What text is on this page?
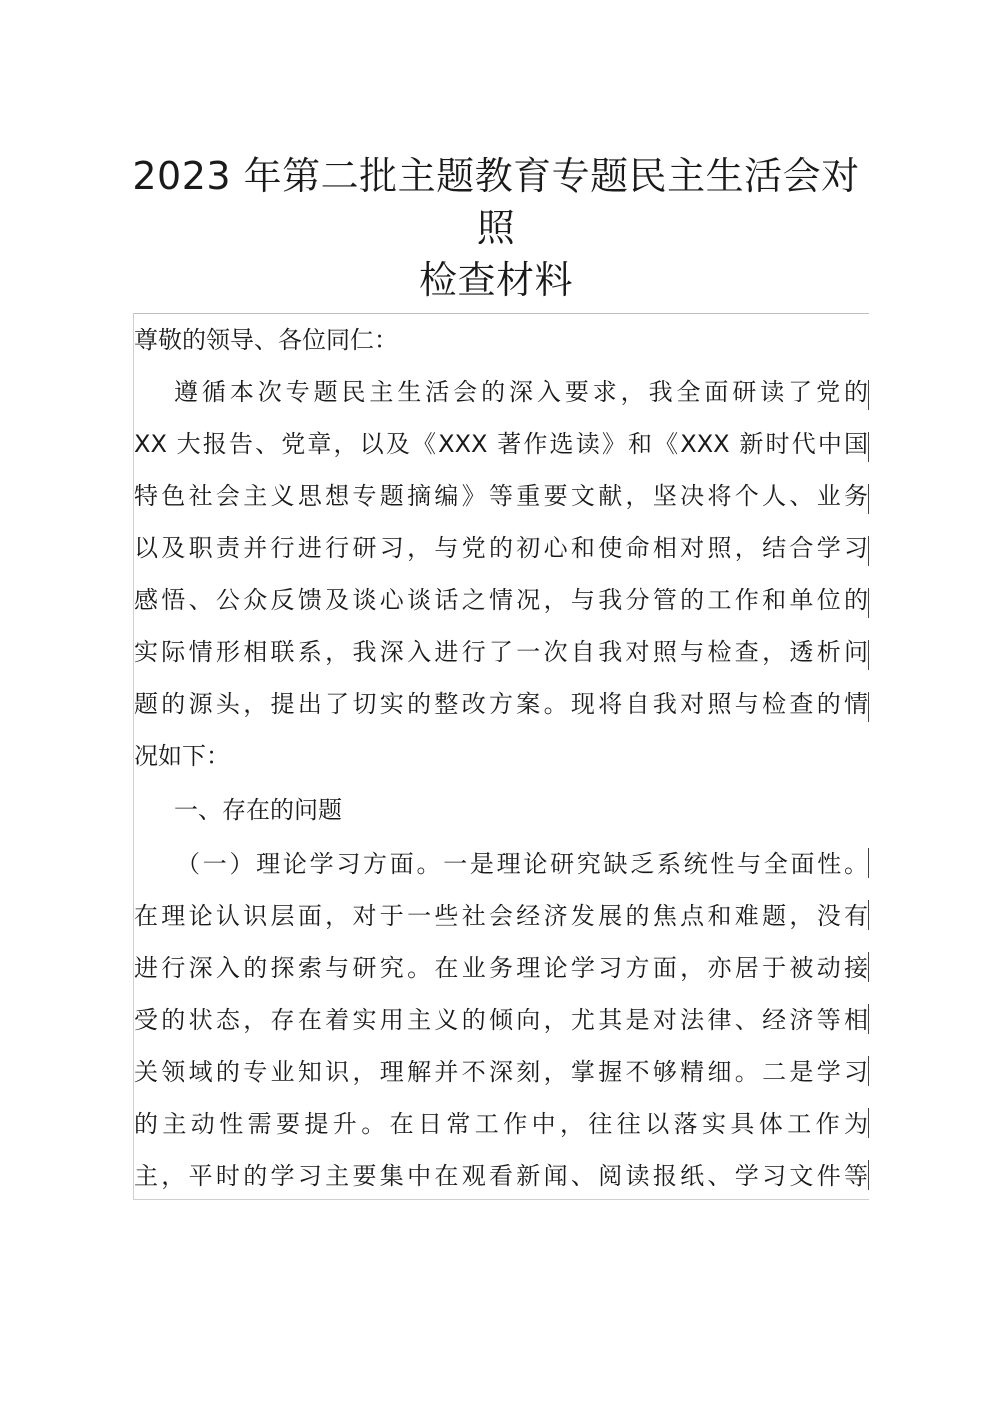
2023 年第二批主题教育专题民主生活会对照
检查材料
尊敬的领导、各位同仁：
遵循本次专题民主生活会的深入要求，我全面研读了党的
XX 大报告、党章，以及《XXX 著作选读》和《XXX 新时代中国
特色社会主义思想专题摘编》等重要文献，坚决将个人、业务
以及职责并行进行研习，与党的初心和使命相对照，结合学习
感悟、公众反馈及谈心谈话之情况，与我分管的工作和单位的
实际情形相联系，我深入进行了一次自我对照与检查，透析问
题的源头，提出了切实的整改方案。现将自我对照与检查的情
况如下：
一、存在的问题
（一）理论学习方面。一是理论研究缺乏系统性与全面性。
在理论认识层面，对于一些社会经济发展的焦点和难题，没有
进行深入的探索与研究。在业务理论学习方面，亦居于被动接
受的状态，存在着实用主义的倾向，尤其是对法律、经济等相
关领域的专业知识，理解并不深刻，掌握不够精细。二是学习
的主动性需要提升。在日常工作中，往往以落实具体工作为
主，平时的学习主要集中在观看新闻、阅读报纸、学习文件等
